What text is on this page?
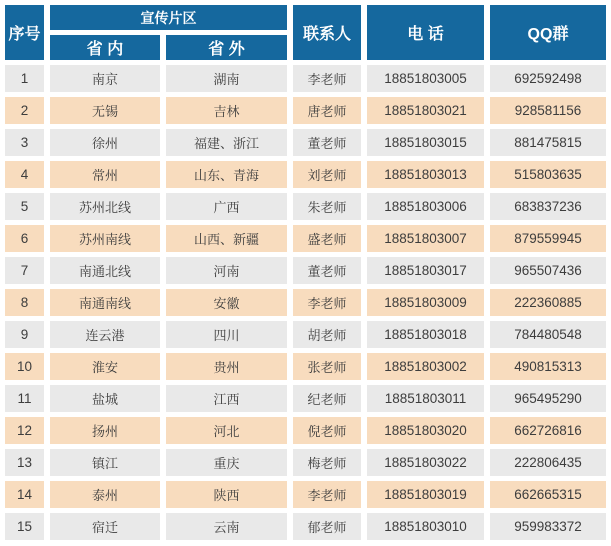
序号
宣传片区
省 内	省 外
联系人	电 话	QQ群
1	南京	湖南	李老师	18851803005	692592498
2	无锡	吉林	唐老师	18851803021	928581156
3	徐州	福建、浙江	董老师	18851803015	881475815
4	常州	山东、青海	刘老师	18851803013	515803635
5	苏州北线	广西	朱老师	18851803006	683837236
6	苏州南线	山西、新疆	盛老师	18851803007	879559945
7	南通北线	河南	董老师	18851803017	965507436
8	南通南线	安徽	李老师	18851803009	222360885
9	连云港	四川	胡老师	18851803018	784480548
10	淮安	贵州	张老师	18851803002	490815313
11	盐城	江西	纪老师	18851803011	965495290
12	扬州	河北	倪老师	18851803020	662726816
13	镇江	重庆	梅老师	18851803022	222806435
14	泰州	陕西	李老师	18851803019	662665315
15	宿迁	云南	郁老师	18851803010	959983372
